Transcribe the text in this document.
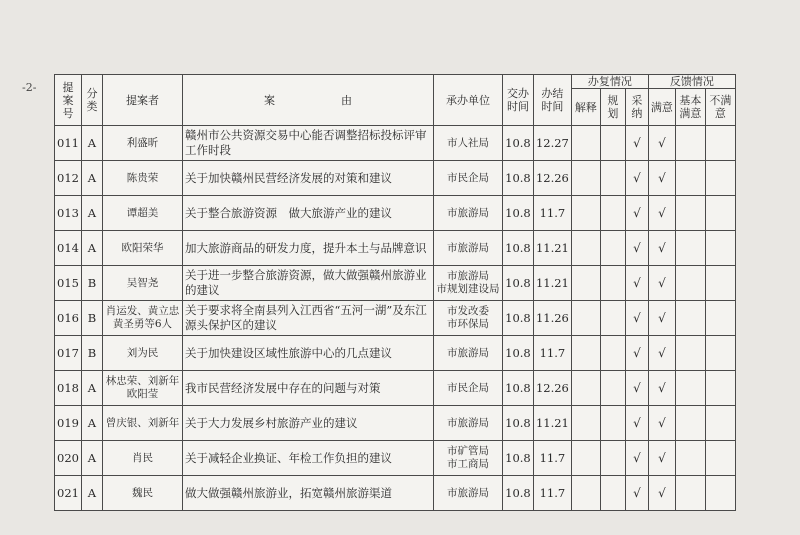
-2- 提案号	分类	提案者	案　　　　　　由	承办单位	交办时间	办结时间	办复情况			反馈情况		
							解释	规划	采纳	满意	基本满意	不满意
011	A	利盛昕	赣州市公共资源交易中心能否调整招标投标评审工作时段	市人社局	10.8	12.27			√	√		
012	A	陈贵荣	关于加快赣州民营经济发展的对策和建议	市民企局	10.8	12.26			√	√		
013	A	谭超美	关于整合旅游资源　做大旅游产业的建议	市旅游局	10.8	11.7			√	√		
014	A	欧阳荣华	加大旅游商品的研发力度，提升本土与品牌意识	市旅游局	10.8	11.21			√	√		
015	B	吴智尧	关于进一步整合旅游资源，做大做强赣州旅游业的建议	市旅游局
市规划建设局	10.8	11.21			√	√		
016	B	肖运发、黄立忠
黄圣勇等6人	关于要求将全南县列入江西省“五河一湖”及东江源头保护区的建议	市发改委
市环保局	10.8	11.26			√	√		
017	B	刘为民	关于加快建设区域性旅游中心的几点建议	市旅游局	10.8	11.7			√	√		
018	A	林忠荣、刘新年
欧阳莹	我市民营经济发展中存在的问题与对策	市民企局	10.8	12.26			√	√		
019	A	曾庆银、刘新年	关于大力发展乡村旅游产业的建议	市旅游局	10.8	11.21			√	√		
020	A	肖民	关于减轻企业换证、年检工作负担的建议	市矿管局
市工商局	10.8	11.7			√	√		
021	A	魏民	做大做强赣州旅游业，拓宽赣州旅游渠道	市旅游局	10.8	11.7			√	√		
